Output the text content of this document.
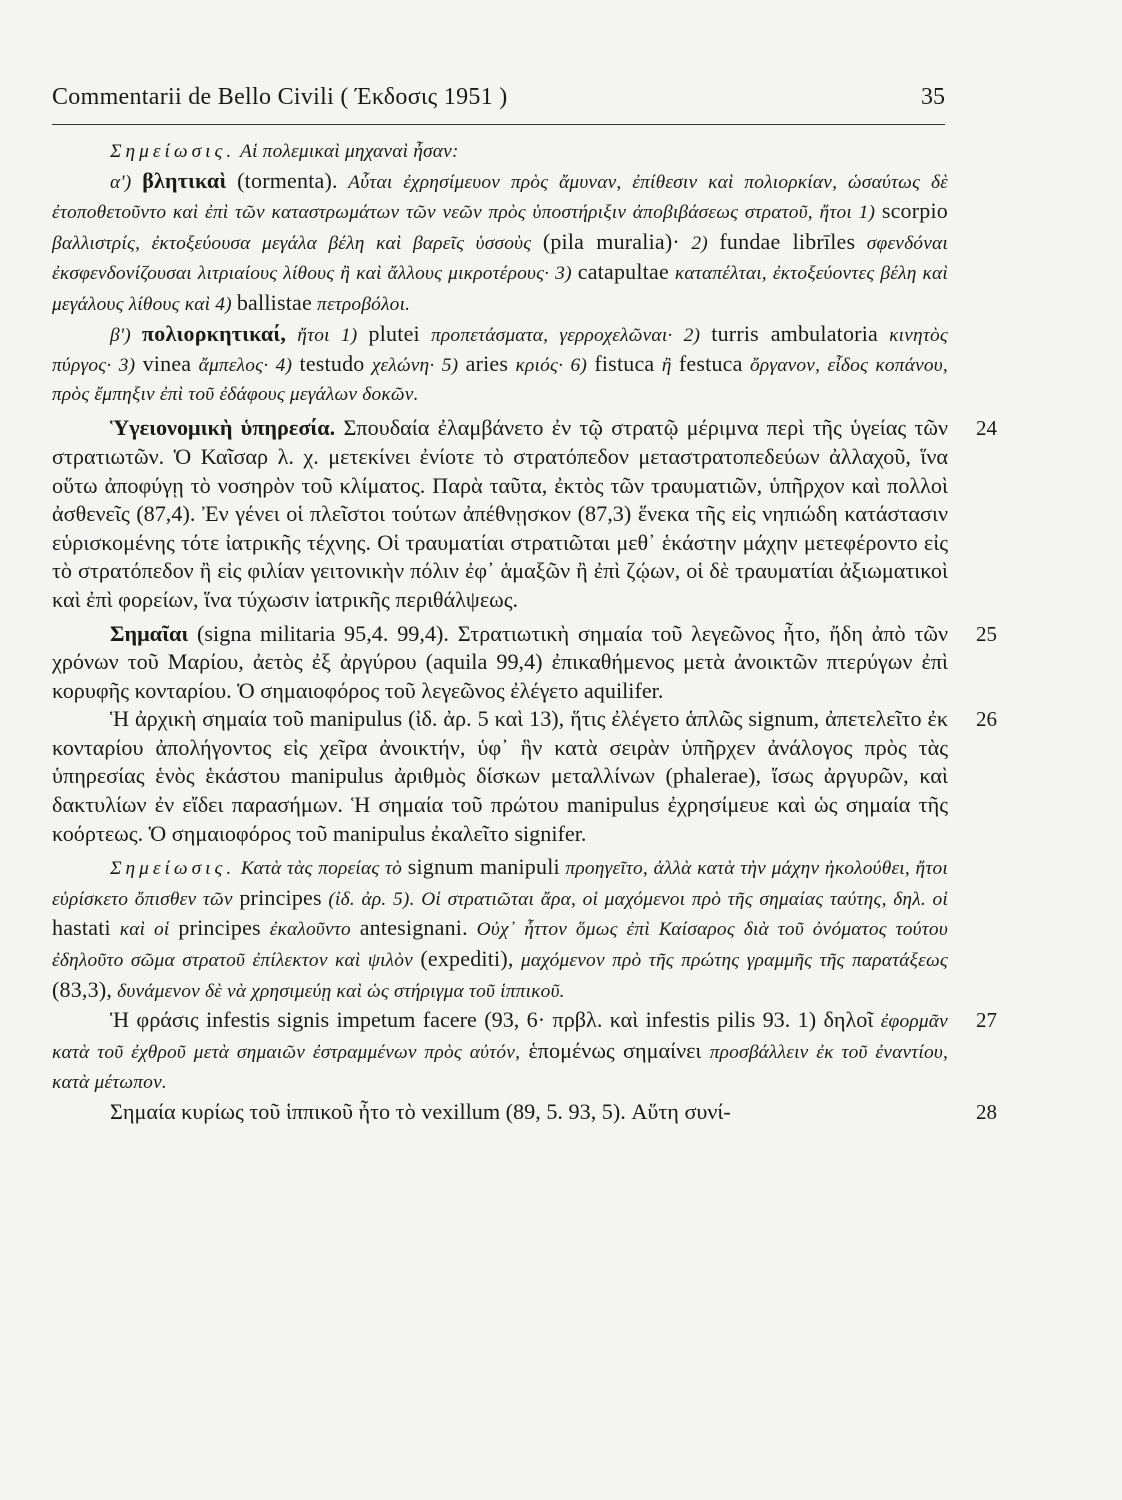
Commentarii de Bello Civili ( Έκδοσις 1951 )	35

Σημείωσις. Αἱ πολεμικαὶ μηχαναὶ ἦσαν:

α') βλητικαὶ (tormenta). Αὗται ἐχρησίμευον πρὸς ἄμυναν, ἐπίθεσιν καὶ πολιορκίαν, ὡσαύτως δὲ ἐτοποθετοῦντο καὶ ἐπὶ τῶν καταστρωμάτων τῶν νεῶν πρὸς ὑποστήριξιν ἀποβιβάσεως στρατοῦ, ἤτοι 1) scorpio βαλλιστρίς, ἐκτοξεύουσα μεγάλα βέλη καὶ βαρεῖς ὑσσοὺς (pila muralia)· 2) fundae librīles σφενδόναι ἐκσφενδονίζουσαι λιτριαίους λίθους ἢ καὶ ἄλλους μικροτέρους· 3) catapultae καταπέλται, ἐκτοξεύοντες βέλη καὶ μεγάλους λίθους καὶ 4) ballistae πετροβόλοι.

β') πολιορκητικαί, ἤτοι 1) plutei προπετάσματα, γερροχελῶναι· 2) turris ambulatoria κινητὸς πύργος· 3) vinea ἄμπελος· 4) testudo χελώνη· 5) aries κριός· 6) fistuca ἢ festuca ὄργανον, εἶδος κοπάνου, πρὸς ἔμπηξιν ἐπὶ τοῦ ἐδάφους μεγάλων δοκῶν.

24

Ὑγειονομικὴ ὑπηρεσία. Σπουδαία ἐλαμβάνετο ἐν τῷ στρατῷ μέριμνα περὶ τῆς ὑγείας τῶν στρατιωτῶν. Ὁ Καῖσαρ λ. χ. μετεκίνει ἐνίοτε τὸ στρατόπεδον μεταστρατοπεδεύων ἀλλαχοῦ, ἵνα οὕτω ἀποφύγῃ τὸ νοσηρὸν τοῦ κλίματος. Παρὰ ταῦτα, ἐκτὸς τῶν τραυματιῶν, ὑπῆρχον καὶ πολλοὶ ἀσθενεῖς (87,4). Ἐν γένει οἱ πλεῖστοι τούτων ἀπέθνῃσκον (87,3) ἕνεκα τῆς εἰς νηπιώδη κατάστασιν εὑρισκομένης τότε ἰατρικῆς τέχνης. Οἱ τραυματίαι στρατιῶται μεθ᾽ ἑκάστην μάχην μετεφέροντο εἰς τὸ στρατόπεδον ἢ εἰς φιλίαν γειτονικὴν πόλιν ἐφ᾽ ἁμαξῶν ἢ ἐπὶ ζῴων, οἱ δὲ τραυματίαι ἀξιωματικοὶ καὶ ἐπὶ φορείων, ἵνα τύχωσιν ἰατρικῆς περιθάλψεως.

25

Σημαῖαι (signa militaria 95,4. 99,4). Στρατιωτικὴ σημαία τοῦ λεγεῶνος ἦτο, ἤδη ἀπὸ τῶν χρόνων τοῦ Μαρίου, ἀετὸς ἐξ ἀργύρου (aquila 99,4) ἐπικαθήμενος μετὰ ἀνοικτῶν πτερύγων ἐπὶ κορυφῆς κονταρίου. Ὁ σημαιοφόρος τοῦ λεγεῶνος ἐλέγετο aquilifer.

26

Ἡ ἀρχικὴ σημαία τοῦ manipulus (ἰδ. ἀρ. 5 καὶ 13), ἥτις ἐλέγετο ἁπλῶς signum, ἀπετελεῖτο ἐκ κονταρίου ἀπολήγοντος εἰς χεῖρα ἀνοικτήν, ὑφ᾽ ἣν κατὰ σειρὰν ὑπῆρχεν ἀνάλογος πρὸς τὰς ὑπηρεσίας ἑνὸς ἑκάστου manipulus ἀριθμὸς δίσκων μεταλλίνων (phalerae), ἴσως ἀργυρῶν, καὶ δακτυλίων ἐν εἴδει παρασήμων. Ἡ σημαία τοῦ πρώτου manipulus ἐχρησίμευε καὶ ὡς σημαία τῆς κοόρτεως. Ὁ σημαιοφόρος τοῦ manipulus ἐκαλεῖτο signifer.

Σημείωσις. Κατὰ τὰς πορείας τὸ signum manipuli προηγεῖτο, ἀλλὰ κατὰ τὴν μάχην ἠκολούθει, ἤτοι εὑρίσκετο ὄπισθεν τῶν principes (ἰδ. ἀρ. 5). Οἱ στρατιῶται ἄρα, οἱ μαχόμενοι πρὸ τῆς σημαίας ταύτης, δηλ. οἱ hastati καὶ οἱ principes ἐκαλοῦντο antesignani. Οὐχ᾽ ἧττον ὅμως ἐπὶ Καίσαρος διὰ τοῦ ὀνόματος τούτου ἐδηλοῦτο σῶμα στρατοῦ ἐπίλεκτον καὶ ψιλὸν (expediti), μαχόμενον πρὸ τῆς πρώτης γραμμῆς τῆς παρατάξεως (83,3), δυνάμενον δὲ νὰ χρησιμεύῃ καὶ ὡς στήριγμα τοῦ ἱππικοῦ.

27

Ἡ φράσις infestis signis impetum facere (93, 6· πρβλ. καὶ infestis pilis 93. 1) δηλοῖ ἐφορμᾶν κατὰ τοῦ ἐχθροῦ μετὰ σημαιῶν ἐστραμμένων πρὸς αὐτόν, ἑπομένως σημαίνει προσβάλλειν ἐκ τοῦ ἐναντίου, κατὰ μέτωπον.

28

Σημαία κυρίως τοῦ ἱππικοῦ ἦτο τὸ vexillum (89, 5. 93, 5). Αὕτη συνί-
